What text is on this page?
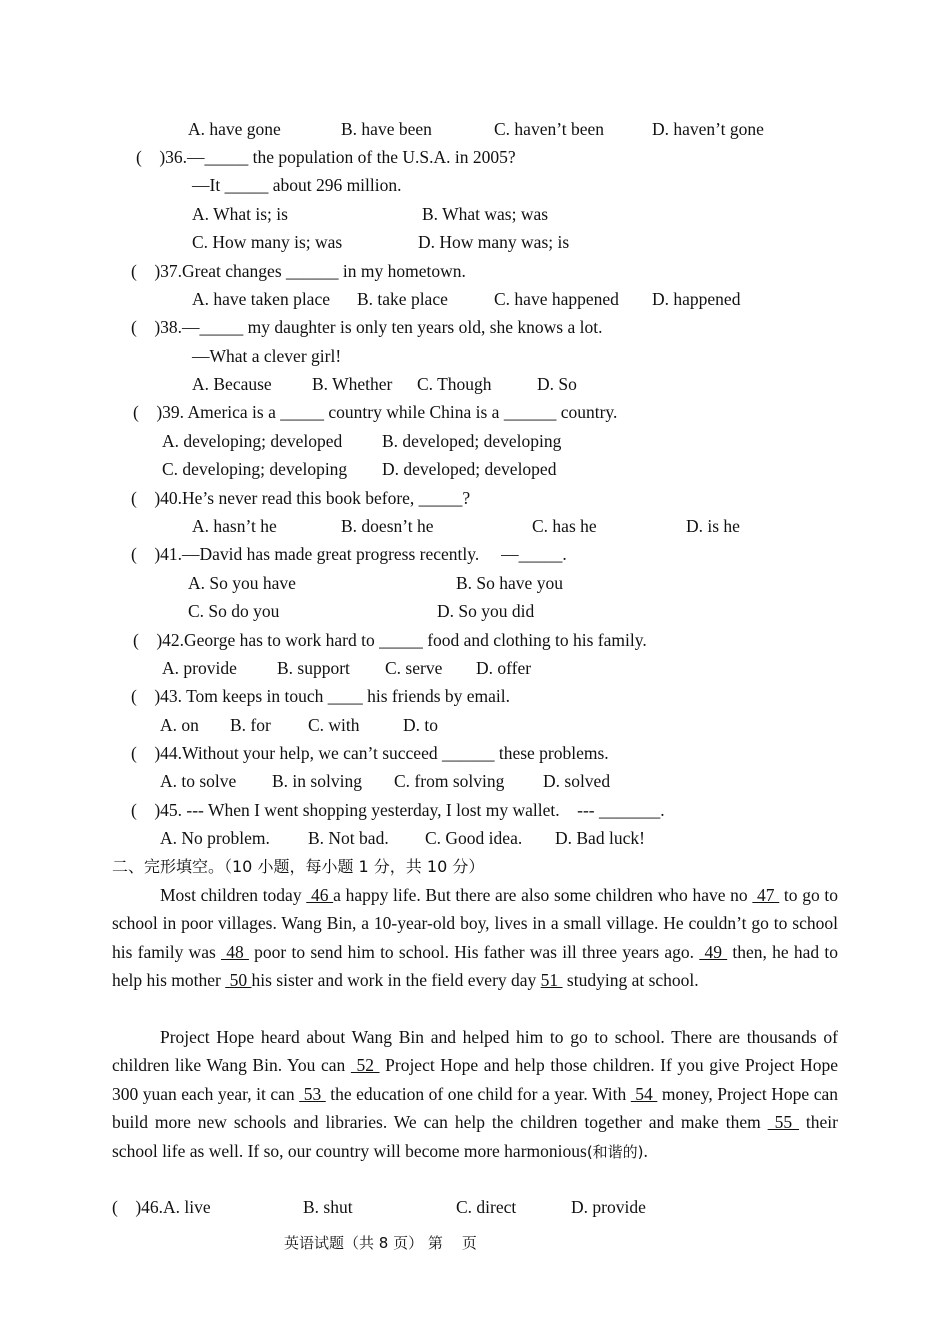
A. have gone	B. have been	C. haven’t been	D. haven’t gone
(    )36.—_____ the population of the U.S.A. in 2005?
—It _____ about 296 million.
A. What is; is	B. What was; was
C. How many is; was	D. How many was; is
(    )37.Great changes ______ in my hometown.
A. have taken place B. take place	C. have happened D. happened
(    )38.—_____ my daughter is only ten years old, she knows a lot.
—What a clever girl!
A. Because B. Whether C. Though	D. So
(    )39. America is a _____ country while China is a ______ country.
A. developing; developed B. developed; developing
C. developing; developing D. developed; developed
(    )40.He’s never read this book before, _____?
A. hasn’t he	B. doesn’t he	C. has he	D. is he
(    )41.—David has made great progress recently.     —_____.
A. So you have	B. So have you
C. So do you	D. So you did
(    )42.George has to work hard to _____ food and clothing to his family.
A. provide B. support C. serve D. offer
(    )43. Tom keeps in touch ____ his friends by email.
A. on B. for C. with D. to
(    )44.Without your help, we can’t succeed ______ these problems.
A. to solve B. in solving C. from solving D. solved
(    )45. --- When I went shopping yesterday, I lost my wallet.    --- _______.
A. No problem. B. Not bad. C. Good idea. D. Bad luck!
二、完形填空。（10 小题，每小题 1 分，共 10 分）
Most children today  46 a happy life. But there are also some children who have no  47  to go to school in poor villages. Wang Bin, a 10-year-old boy, lives in a small village. He couldn’t go to school his family was  48  poor to send him to school. His father was ill three years ago.  49  then, he had to help his mother  50 his sister and work in the field every day 51  studying at school.
Project Hope heard about Wang Bin and helped him to go to school. There are thousands of children like Wang Bin. You can  52  Project Hope and help those children. If you give Project Hope 300 yuan each year, it can  53  the education of one child for a year. With  54  money, Project Hope can build more new schools and libraries. We can help the children together and make them  55  their school life as well. If so, our country will become more harmonious(和谐的).
(    )46.A. live	B. shut	C. direct	D. provide
英语试题（共 8 页） 第    页
